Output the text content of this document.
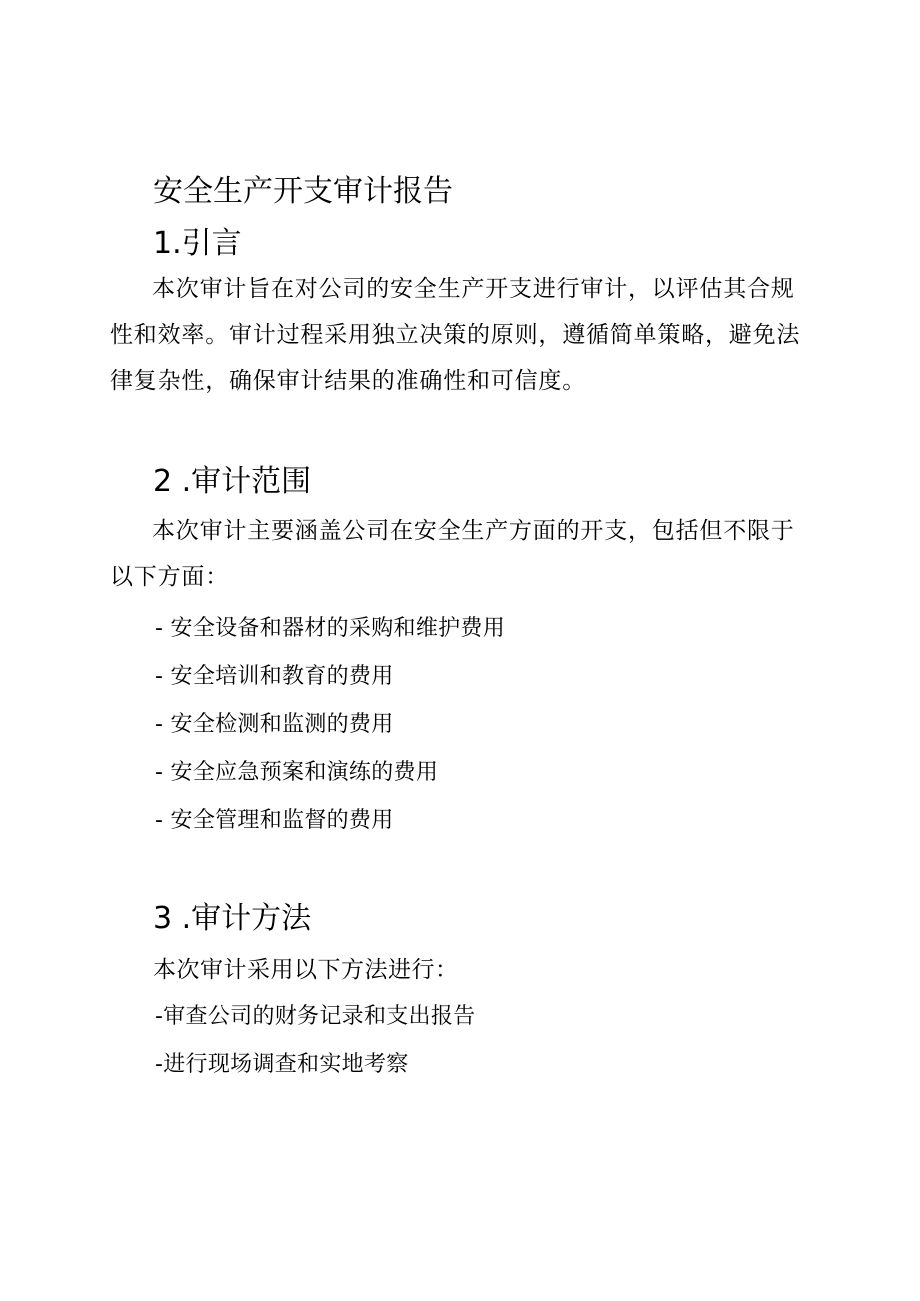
安全生产开支审计报告
1.引言
本次审计旨在对公司的安全生产开支进行审计，以评估其合规性和效率。审计过程采用独立决策的原则，遵循简单策略，避免法律复杂性，确保审计结果的准确性和可信度。
2 .审计范围
本次审计主要涵盖公司在安全生产方面的开支，包括但不限于以下方面：
- 安全设备和器材的采购和维护费用
- 安全培训和教育的费用
- 安全检测和监测的费用
- 安全应急预案和演练的费用
- 安全管理和监督的费用
3 .审计方法
本次审计采用以下方法进行：
-审查公司的财务记录和支出报告
-进行现场调查和实地考察
